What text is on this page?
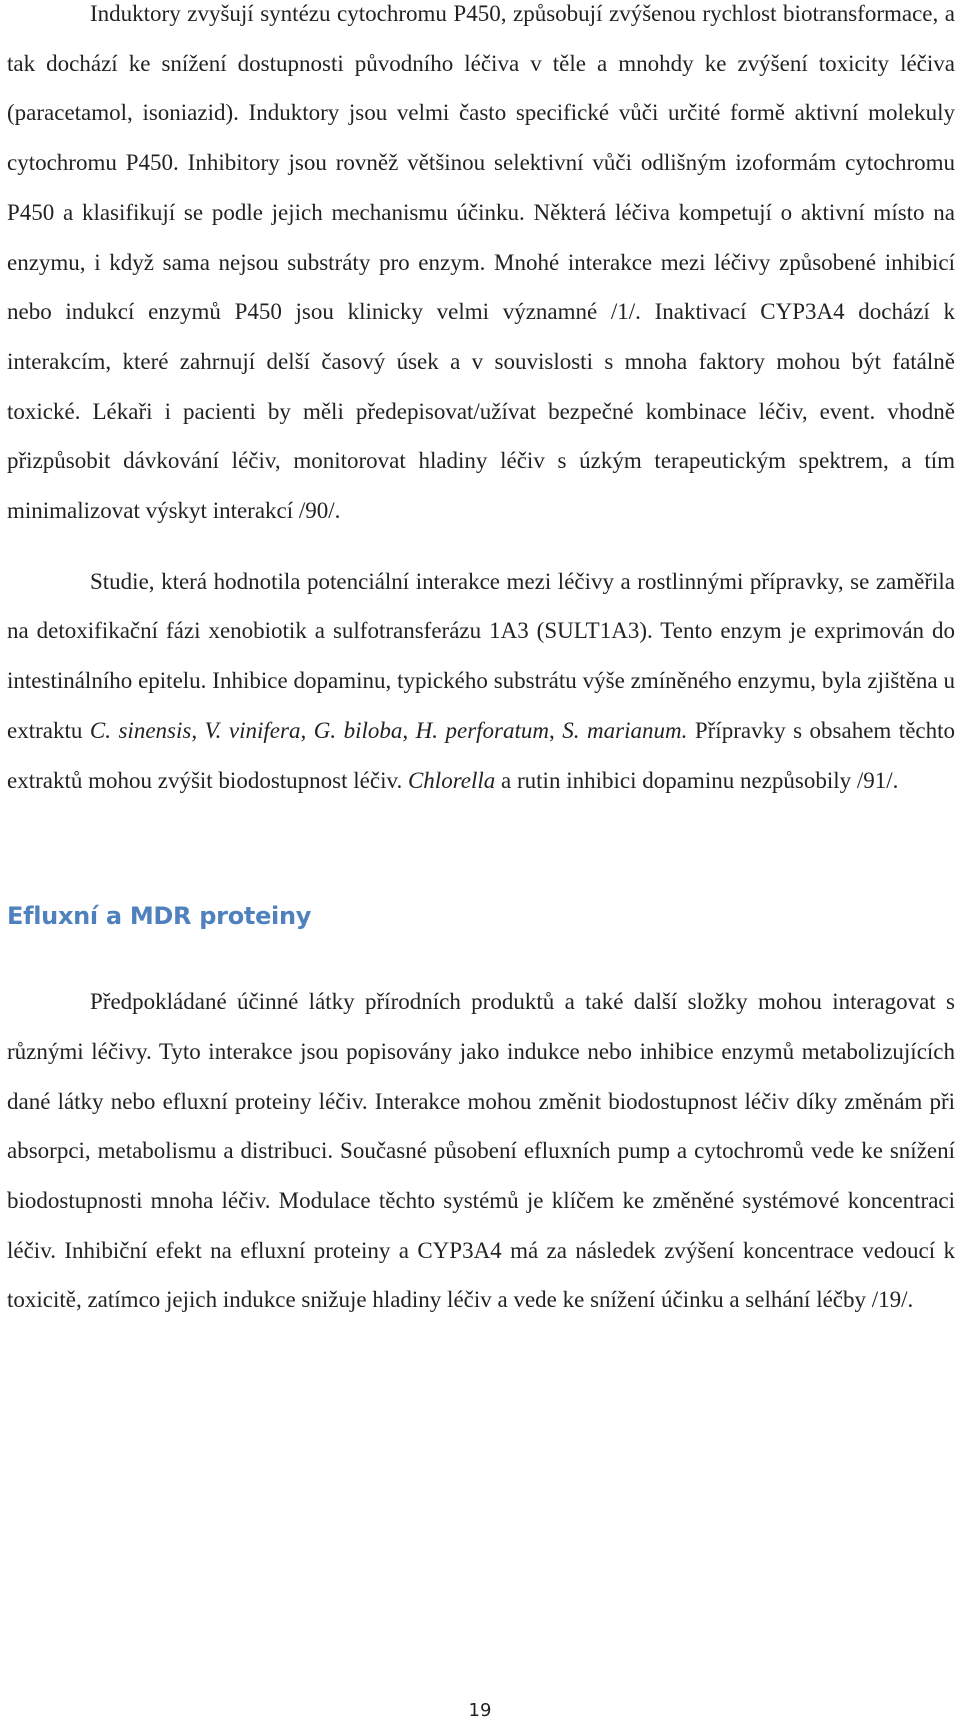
Induktory zvyšují syntézu cytochromu P450, způsobují zvýšenou rychlost biotransformace, a tak dochází ke snížení dostupnosti původního léčiva v těle a mnohdy ke zvýšení toxicity léčiva (paracetamol, isoniazid). Induktory jsou velmi často specifické vůči určité formě aktivní molekuly cytochromu P450. Inhibitory jsou rovněž většinou selektivní vůči odlišným izoformám cytochromu P450 a klasifikují se podle jejich mechanismu účinku. Některá léčiva kompetují o aktivní místo na enzymu, i když sama nejsou substráty pro enzym. Mnohé interakce mezi léčivy způsobené inhibicí nebo indukcí enzymů P450 jsou klinicky velmi významné /1/. Inaktivací CYP3A4 dochází k interakcím, které zahrnují delší časový úsek a v souvislosti s mnoha faktory mohou být fatálně toxické. Lékaři i pacienti by měli předepisovat/užívat bezpečné kombinace léčiv, event. vhodně přizpůsobit dávkování léčiv, monitorovat hladiny léčiv s úzkým terapeutickým spektrem, a tím minimalizovat výskyt interakcí /90/.

Studie, která hodnotila potenciální interakce mezi léčivy a rostlinnými přípravky, se zaměřila na detoxifikační fázi xenobiotik a sulfotransferázu 1A3 (SULT1A3). Tento enzym je exprimován do intestinálního epitelu. Inhibice dopaminu, typického substrátu výše zmíněného enzymu, byla zjištěna u extraktu C. sinensis, V. vinifera, G. biloba, H. perforatum, S. marianum. Přípravky s obsahem těchto extraktů mohou zvýšit biodostupnost léčiv. Chlorella a rutin inhibici dopaminu nezpůsobily /91/.

Efluxní a MDR proteiny

Předpokládané účinné látky přírodních produktů a také další složky mohou interagovat s různými léčivy. Tyto interakce jsou popisovány jako indukce nebo inhibice enzymů metabolizujících dané látky nebo efluxní proteiny léčiv. Interakce mohou změnit biodostupnost léčiv díky změnám při absorpci, metabolismu a distribuci. Současné působení efluxních pump a cytochromů vede ke snížení biodostupnosti mnoha léčiv. Modulace těchto systémů je klíčem ke změněné systémové koncentraci léčiv. Inhibiční efekt na efluxní proteiny a CYP3A4 má za následek zvýšení koncentrace vedoucí k toxicitě, zatímco jejich indukce snižuje hladiny léčiv a vede ke snížení účinku a selhání léčby /19/.

19
